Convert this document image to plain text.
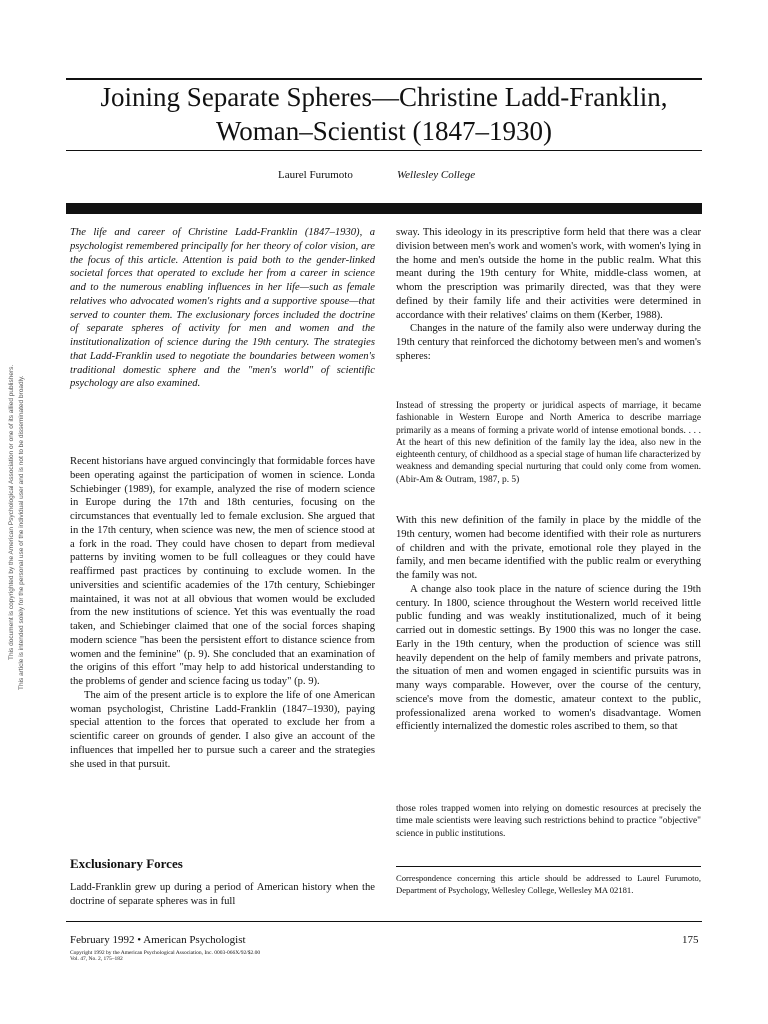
This document is copyrighted by the American Psychological Association or one of its allied publishers. This article is intended solely for the personal use of the individual user and is not to be disseminated broadly.
Joining Separate Spheres—Christine Ladd-Franklin,
Woman–Scientist (1847–1930)
Laurel Furumoto	Wellesley College

The life and career of Christine Ladd-Franklin (1847–1930), a psychologist remembered principally for her theory of color vision, are the focus of this article. Attention is paid both to the gender-linked societal forces that operated to exclude her from a career in science and to the numerous enabling influences in her life—such as female relatives who advocated women's rights and a supportive spouse—that served to counter them. The exclusionary forces included the doctrine of separate spheres of activity for men and women and the institutionalization of science during the 19th century. The strategies that Ladd-Franklin used to negotiate the boundaries between women's traditional domestic sphere and the "men's world" of scientific psychology are also examined.

Recent historians have argued convincingly that formidable forces have been operating against the participation of women in science. Londa Schiebinger (1989), for example, analyzed the rise of modern science in Europe during the 17th and 18th centuries, focusing on the circumstances that eventually led to female exclusion. She argued that in the 17th century, when science was new, the men of science stood at a fork in the road. They could have chosen to depart from medieval patterns by inviting women to be full colleagues or they could have reaffirmed past practices by continuing to exclude women. In the universities and scientific academies of the 17th century, Schiebinger maintained, it was not at all obvious that women would be excluded from the new institutions of science. Yet this was eventually the road taken, and Schiebinger claimed that one of the social forces shaping modern science "has been the persistent effort to distance science from women and the feminine" (p. 9). She concluded that an examination of the origins of this effort "may help to add historical understanding to the problems of gender and science facing us today" (p. 9).

The aim of the present article is to explore the life of one American woman psychologist, Christine Ladd-Franklin (1847–1930), paying special attention to the forces that operated to exclude her from a scientific career on grounds of gender. I also give an account of the influences that impelled her to pursue such a career and the strategies she used in that pursuit.

Exclusionary Forces

Ladd-Franklin grew up during a period of American history when the doctrine of separate spheres was in full

sway. This ideology in its prescriptive form held that there was a clear division between men's work and women's work, with women's lying in the home and men's outside the home in the public realm. What this meant during the 19th century for White, middle-class women, at whom the prescription was primarily directed, was that they were defined by their family life and their activities were determined in accordance with their relatives' claims on them (Kerber, 1988).

Changes in the nature of the family also were underway during the 19th century that reinforced the dichotomy between men's and women's spheres:

Instead of stressing the property or juridical aspects of marriage, it became fashionable in Western Europe and North America to describe marriage primarily as a means of forming a private world of intense emotional bonds. . . . At the heart of this new definition of the family lay the idea, also new in the eighteenth century, of childhood as a special stage of human life characterized by weakness and demanding special nurturing that could only come from women. (Abir-Am & Outram, 1987, p. 5)

With this new definition of the family in place by the middle of the 19th century, women had become identified with their role as nurturers of children and with the private, emotional role they played in the family, and men became identified with the public realm or everything the family was not.

A change also took place in the nature of science during the 19th century. In 1800, science throughout the Western world received little public funding and was weakly institutionalized, much of it being carried out in domestic settings. By 1900 this was no longer the case. Early in the 19th century, when the production of science was still heavily dependent on the help of family members and private patrons, the situation of men and women engaged in scientific pursuits was in many ways comparable. However, over the course of the century, science's move from the domestic, amateur context to the public, professionalized arena worked to women's disadvantage. Women efficiently internalized the domestic roles ascribed to them, so that

those roles trapped women into relying on domestic resources at precisely the time male scientists were leaving such restrictions behind to practice "objective" science in public institutions.
Correspondence concerning this article should be addressed to Laurel Furumoto, Department of Psychology, Wellesley College, Wellesley MA 02181.
February 1992 • American Psychologist
Copyright 1992 by the American Psychological Association, Inc. 0003-066X/92/$2.00
Vol. 47, No. 2, 175–182
175
